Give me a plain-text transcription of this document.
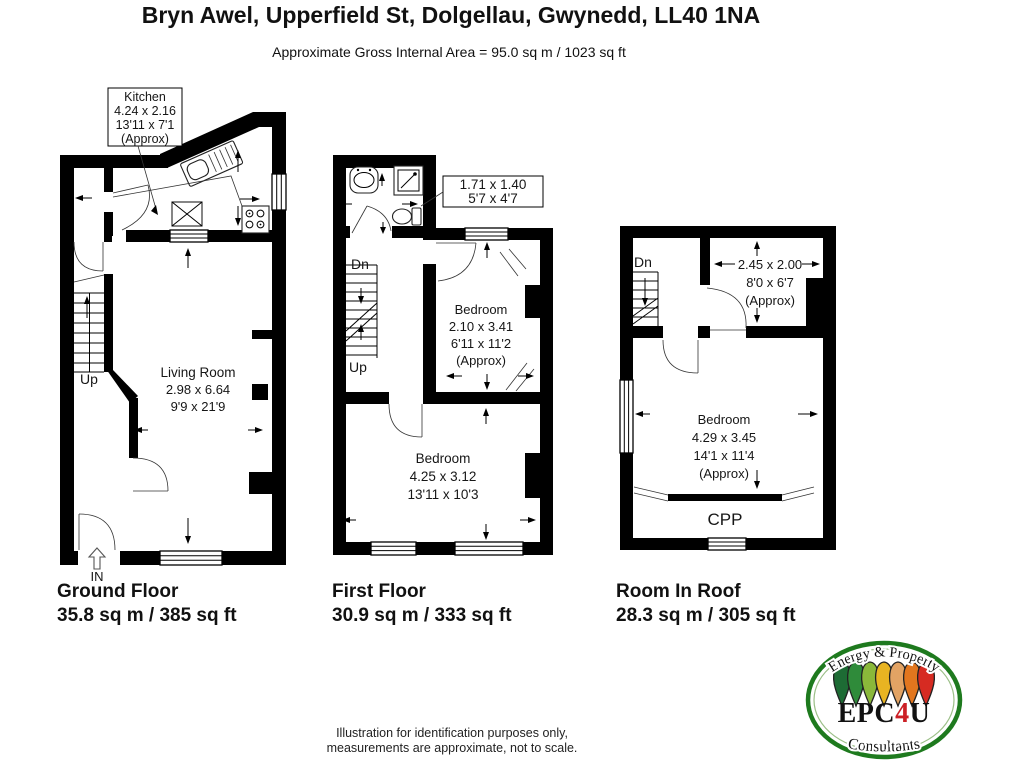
Bryn Awel, Upperfield St, Dolgellau, Gwynedd, LL40 1NA
Approximate Gross Internal Area = 95.0 sq m / 1023 sq ft
Kitchen
4.24 x 2.16
13'11 x 7'1
(Approx)
Living Room
2.98 x 6.64
9'9 x 21'9
Up
IN
1.71 x 1.40
5'7 x 4'7
Bedroom
2.10 x 3.41
6'11 x 11'2
(Approx)
Bedroom
4.25 x 3.12
13'11 x 10'3
Dn
Up
CPP
2.45 x 2.00
8'0 x 6'7
(Approx)
Bedroom
4.29 x 3.45
14'1 x 11'4
(Approx)
Dn
Ground Floor
35.8 sq m / 385 sq ft
First Floor
30.9 sq m / 333 sq ft
Room In Roof
28.3 sq m / 305 sq ft
Illustration for identification purposes only,
measurements are approximate, not to scale.
EPC4U
Energy & Property
Consultants
